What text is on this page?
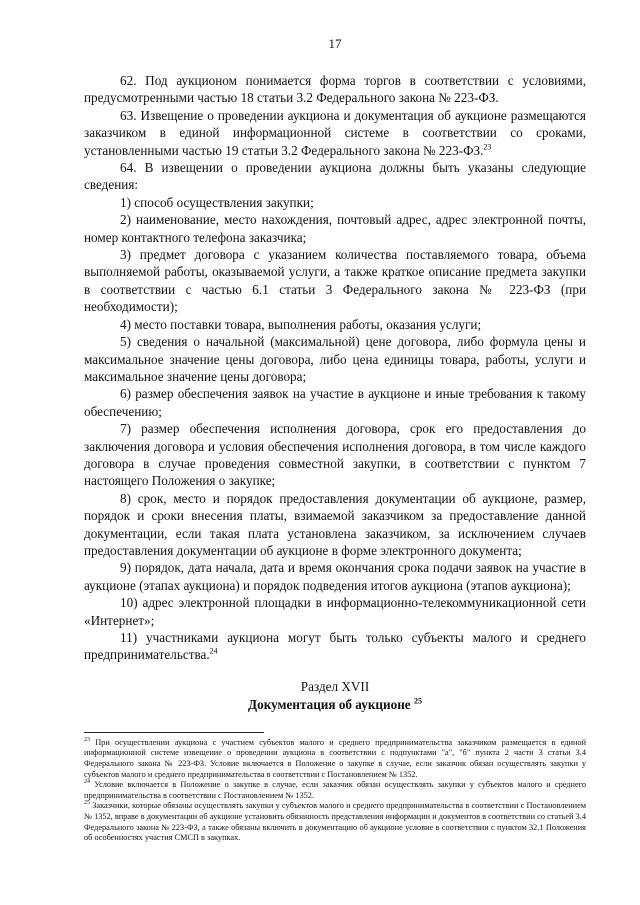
17

62. Под аукционом понимается форма торгов в соответствии с условиями, предусмотренными частью 18 статьи 3.2 Федерального закона № 223-ФЗ.

63. Извещение о проведении аукциона и документация об аукционе размещаются заказчиком в единой информационной системе в соответствии со сроками, установленными частью 19 статьи 3.2 Федерального закона № 223-ФЗ.$^{23}$

64. В извещении о проведении аукциона должны быть указаны следующие сведения:

1) способ осуществления закупки;

2) наименование, место нахождения, почтовый адрес, адрес электронной почты, номер контактного телефона заказчика;

3) предмет договора с указанием количества поставляемого товара, объема выполняемой работы, оказываемой услуги, а также краткое описание предмета закупки в соответствии с частью 6.1 статьи 3 Федерального закона № 223-ФЗ (при необходимости);

4) место поставки товара, выполнения работы, оказания услуги;

5) сведения о начальной (максимальной) цене договора, либо формула цены и максимальное значение цены договора, либо цена единицы товара, работы, услуги и максимальное значение цены договора;

6) размер обеспечения заявок на участие в аукционе и иные требования к такому обеспечению;

7) размер обеспечения исполнения договора, срок его предоставления до заключения договора и условия обеспечения исполнения договора, в том числе каждого договора в случае проведения совместной закупки, в соответствии с пунктом 7 настоящего Положения о закупке;

8) срок, место и порядок предоставления документации об аукционе, размер, порядок и сроки внесения платы, взимаемой заказчиком за предоставление данной документации, если такая плата установлена заказчиком, за исключением случаев предоставления документации об аукционе в форме электронного документа;

9) порядок, дата начала, дата и время окончания срока подачи заявок на участие в аукционе (этапах аукциона) и порядок подведения итогов аукциона (этапов аукциона);

10) адрес электронной площадки в информационно-телекоммуникационной сети «Интернет»;

11) участниками аукциона могут быть только субъекты малого и среднего предпринимательства.$^{24}$

Раздел XVII
Документация об аукционе $^{25}$

$^{23}$ При осуществлении аукциона с участием субъектов малого и среднего предпринимательства заказчиком размещается в единой информационной системе извещение о проведении аукциона в соответствии с подпунктами "а", "б" пункта 2 части 3 статьи 3.4 Федерального закона № 223-ФЗ. Условие включается в Положение о закупке в случае, если заказчик обязан осуществлять закупки у субъектов малого и среднего предпринимательства в соответствии с Постановлением № 1352.

$^{24}$ Условие включается в Положение о закупке в случае, если заказчик обязан осуществлять закупки у субъектов малого и среднего предпринимательства в соответствии с Постановлением № 1352.

$^{25}$ Заказчики, которые обязаны осуществлять закупки у субъектов малого и среднего предпринимательства в соответствии с Постановлением № 1352, вправе в документации об аукционе установить обязанность представления информации и документов в соответствии со статьей 3.4 Федерального закона № 223-ФЗ, а также обязаны включить в документацию об аукционе условие в соответствии с пунктом 32.1 Положения об особенностях участия СМСП в закупках.
